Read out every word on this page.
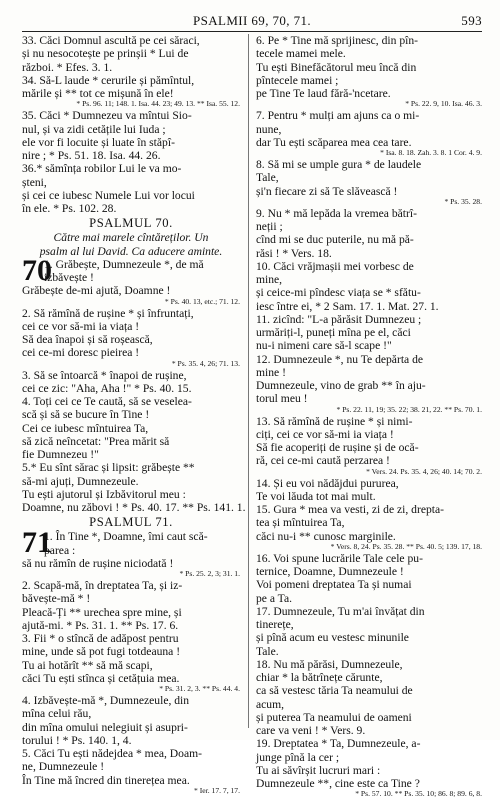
PSALMII 69, 70, 71.	593
33. Căci Domnul ascultă pe cei săraci,
și nu nesocotește pe prinșii * Lui de
război. * Efes. 3. 1.
34. Să-L laude * cerurile și pămîntul,
mările și ** tot ce mișună în ele!
* Ps. 96. 11; 148. 1. Isa. 44. 23; 49. 13. ** Isa. 55. 12.
35. Căci * Dumnezeu va mîntui Sio-
nul, și va zidi cetățile lui Iuda ;
ele vor fi locuite și luate în stăpî-
nire ; * Ps. 51. 18. Isa. 44. 26.
36.* sămînța robilor Lui le va mo-
șteni,
și cei ce iubesc Numele Lui vor locui
în ele. * Ps. 102. 28.
PSALMUL 70.
Către mai marele cîntăreților. Un
psalm al lui David. Ca aducere aminte.
70
1. Grăbește, Dumnezeule *, de mă
izbăvește !
Grăbește de-mi ajută, Doamne !
* Ps. 40. 13, etc.; 71. 12.
2. Să rămînă de rușine * și înfruntați,
cei ce vor să-mi ia viața !
Să dea înapoi și să roșească,
cei ce-mi doresc pieirea !
* Ps. 35. 4, 26; 71. 13.
3. Să se întoarcă * înapoi de rușine,
cei ce zic: "Aha, Aha !" * Ps. 40. 15.
4. Toți cei ce Te caută, să se veselea-
scă și să se bucure în Tine !
Cei ce iubesc mîntuirea Ta,
să zică neîncetat: "Prea mărit să
fie Dumnezeu !"
5.* Eu sînt sărac și lipsit: grăbește **
să-mi ajuți, Dumnezeule.
Tu ești ajutorul și Izbăvitorul meu :
Doamne, nu zăbovi ! * Ps. 40. 17. ** Ps. 141. 1.
PSALMUL 71.
71
1. În Tine *, Doamne, îmi caut scă-
parea :
să nu rămîn de rușine niciodată !
* Ps. 25. 2, 3; 31. 1.
2. Scapă-mă, în dreptatea Ta, și iz-
băvește-mă * !
Pleacă-Ți ** urechea spre mine, și
ajută-mi. * Ps. 31. 1. ** Ps. 17. 6.
3. Fii * o stîncă de adăpost pentru
mine, unde să pot fugi totdeauna !
Tu ai hotărît ** să mă scapi,
căci Tu ești stînca și cetățuia mea.
* Ps. 31. 2, 3. ** Ps. 44. 4.
4. Izbăvește-mă *, Dumnezeule, din
mîna celui rău,
din mîna omului nelegiuit și asupri-
torului ! * Ps. 140. 1, 4.
5. Căci Tu ești nădejdea * mea, Doam-
ne, Dumnezeule !
În Tine mă încred din tinerețea mea.
* Ier. 17. 7, 17.
6. Pe * Tine mă sprijinesc, din pîn-
tecele mamei mele.
Tu ești Binefăcătorul meu încă din
pîntecele mamei ;
pe Tine Te laud fără-'ncetare.
* Ps. 22. 9, 10. Isa. 46. 3.
7. Pentru * mulți am ajuns ca o mi-
nune,
dar Tu ești scăparea mea cea tare.
* Isa. 8. 18. Zah. 3. 8. 1 Cor. 4. 9.
8. Să mi se umple gura * de laudele
Tale,
și'n fiecare zi să Te slăvească !
* Ps. 35. 28.
9. Nu * mă lepăda la vremea bătrî-
neții ;
cînd mi se duc puterile, nu mă pă-
răsi ! * Vers. 18.
10. Căci vrăjmașii mei vorbesc de
mine,
și ceice-mi pîndesc viața se * sfătu-
iesc între ei, * 2 Sam. 17. 1. Mat. 27. 1.
11. zicînd: "L-a părăsit Dumnezeu ;
urmăriți-l, puneți mîna pe el, căci
nu-i nimeni care să-l scape !"
12. Dumnezeule *, nu Te depărta de
mine !
Dumnezeule, vino de grab ** în aju-
torul meu !
* Ps. 22. 11, 19; 35. 22; 38. 21, 22. ** Ps. 70. 1.
13. Să rămînă de rușine * și nimi-
ciți, cei ce vor să-mi ia viața !
Să fie acoperiți de rușine și de ocă-
ră, cei ce-mi caută perzarea !
* Vers. 24. Ps. 35. 4, 26; 40. 14; 70. 2.
14. Și eu voi nădăjdui pururea,
Te voi lăuda tot mai mult.
15. Gura * mea va vesti, zi de zi, drepta-
tea și mîntuirea Ta,
căci nu-i ** cunosc marginile.
* Vers. 8, 24. Ps. 35. 28. ** Ps. 40. 5; 139. 17, 18.
16. Voi spune lucrările Tale cele pu-
ternice, Doamne, Dumnezeule !
Voi pomeni dreptatea Ta și numai
pe a Ta.
17. Dumnezeule, Tu m'ai învățat din
tinerețe,
și pînă acum eu vestesc minunile
Tale.
18. Nu mă părăsi, Dumnezeule,
chiar * la bătrînețe cărunte,
ca să vestesc tăria Ta neamului de
acum,
și puterea Ta neamului de oameni
care va veni ! * Vers. 9.
19. Dreptatea * Ta, Dumnezeule, a-
junge pînă la cer ;
Tu ai săvîrșit lucruri mari :
Dumnezeule **, cine este ca Tine ?
* Ps. 57. 10. ** Ps. 35. 10; 86. 8; 89. 6, 8.
